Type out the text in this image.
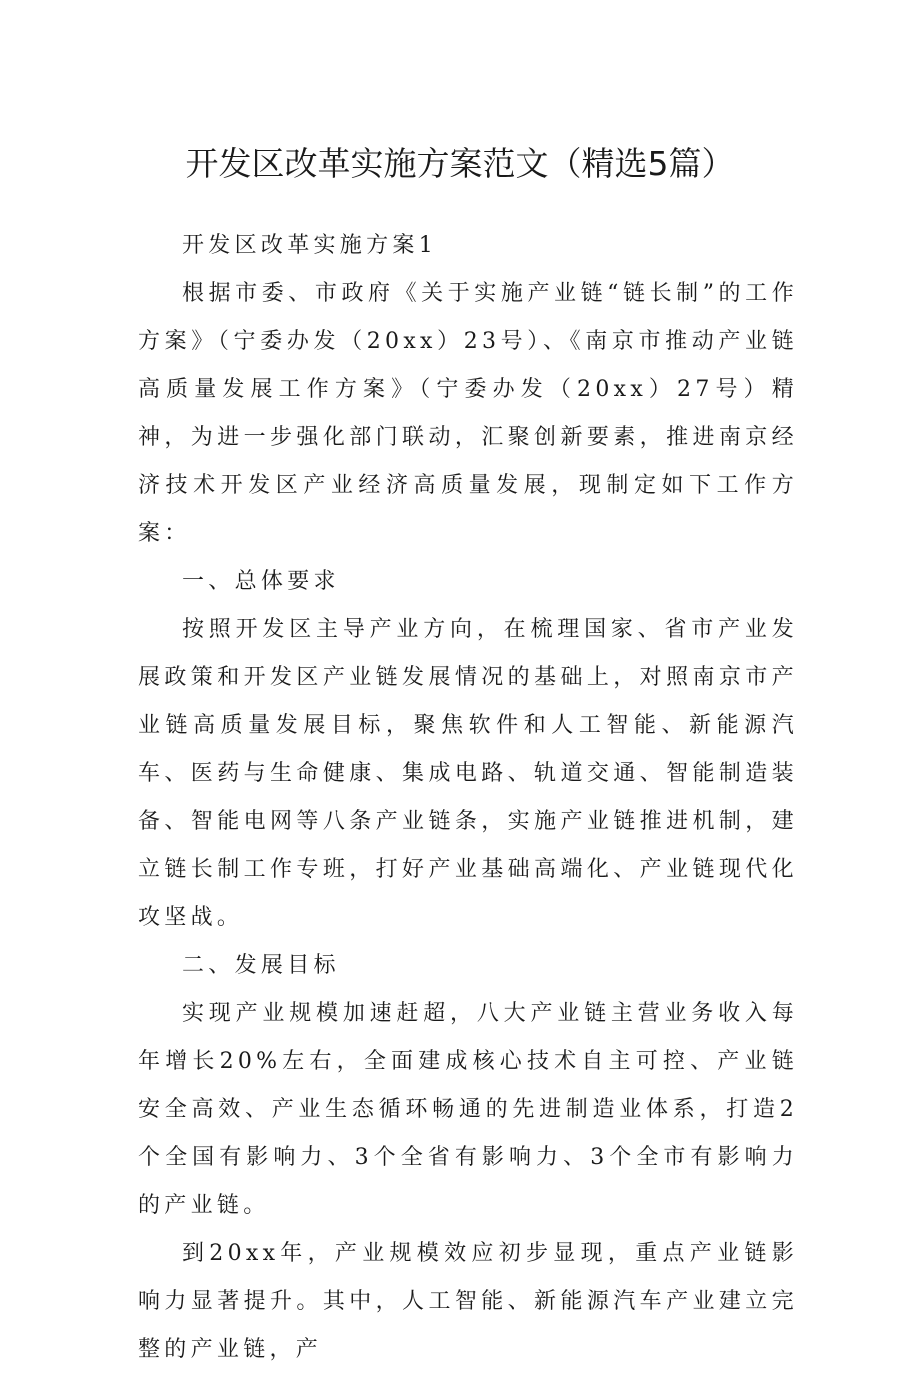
开发区改革实施方案范文（精选5篇）

开发区改革实施方案1

根据市委、市政府《关于实施产业链“链长制”的工作方案》（宁委办发（20xx）23号）、《南京市推动产业链高质量发展工作方案》（宁委办发（20xx）27号）精神，为进一步强化部门联动，汇聚创新要素，推进南京经济技术开发区产业经济高质量发展，现制定如下工作方案：

一、总体要求

按照开发区主导产业方向，在梳理国家、省市产业发展政策和开发区产业链发展情况的基础上，对照南京市产业链高质量发展目标，聚焦软件和人工智能、新能源汽车、医药与生命健康、集成电路、轨道交通、智能制造装备、智能电网等八条产业链条，实施产业链推进机制，建立链长制工作专班，打好产业基础高端化、产业链现代化攻坚战。

二、发展目标

实现产业规模加速赶超，八大产业链主营业务收入每年增长20%左右，全面建成核心技术自主可控、产业链安全高效、产业生态循环畅通的先进制造业体系，打造2个全国有影响力、3个全省有影响力、3个全市有影响力的产业链。

到20xx年，产业规模效应初步显现，重点产业链影响力显著提升。其中，人工智能、新能源汽车产业建立完整的产业链，产
